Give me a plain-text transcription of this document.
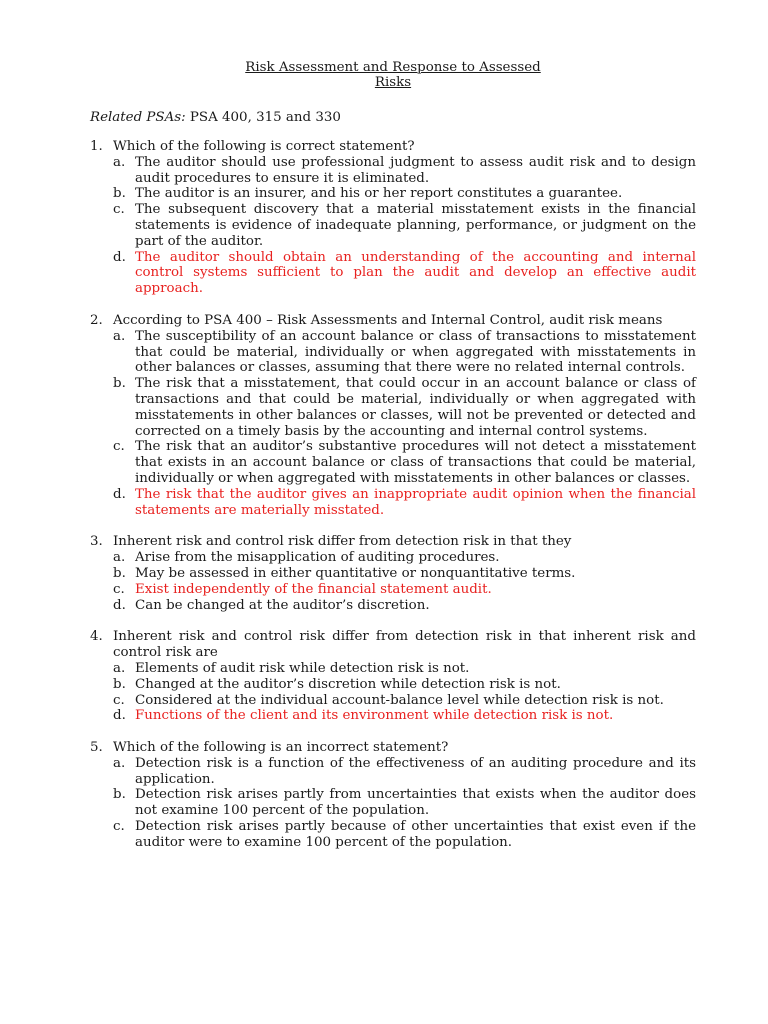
Risk Assessment and Response to Assessed
Risks
Related PSAs: PSA 400, 315 and 330
1. Which of the following is correct statement?
a. The auditor should use professional judgment to assess audit risk and to design audit procedures to ensure it is eliminated.
b. The auditor is an insurer, and his or her report constitutes a guarantee.
c. The subsequent discovery that a material misstatement exists in the financial statements is evidence of inadequate planning, performance, or judgment on the part of the auditor.
d. The auditor should obtain an understanding of the accounting and internal control systems sufficient to plan the audit and develop an effective audit approach.
2. According to PSA 400 – Risk Assessments and Internal Control, audit risk means
a. The susceptibility of an account balance or class of transactions to misstatement that could be material, individually or when aggregated with misstatements in other balances or classes, assuming that there were no related internal controls.
b. The risk that a misstatement, that could occur in an account balance or class of transactions and that could be material, individually or when aggregated with misstatements in other balances or classes, will not be prevented or detected and corrected on a timely basis by the accounting and internal control systems.
c. The risk that an auditor’s substantive procedures will not detect a misstatement that exists in an account balance or class of transactions that could be material, individually or when aggregated with misstatements in other balances or classes.
d. The risk that the auditor gives an inappropriate audit opinion when the financial statements are materially misstated.
3. Inherent risk and control risk differ from detection risk in that they
a. Arise from the misapplication of auditing procedures.
b. May be assessed in either quantitative or nonquantitative terms.
c. Exist independently of the financial statement audit.
d. Can be changed at the auditor’s discretion.
4. Inherent risk and control risk differ from detection risk in that inherent risk and control risk are
a. Elements of audit risk while detection risk is not.
b. Changed at the auditor’s discretion while detection risk is not.
c. Considered at the individual account-balance level while detection risk is not.
d. Functions of the client and its environment while detection risk is not.
5. Which of the following is an incorrect statement?
a. Detection risk is a function of the effectiveness of an auditing procedure and its application.
b. Detection risk arises partly from uncertainties that exists when the auditor does not examine 100 percent of the population.
c. Detection risk arises partly because of other uncertainties that exist even if the auditor were to examine 100 percent of the population.
